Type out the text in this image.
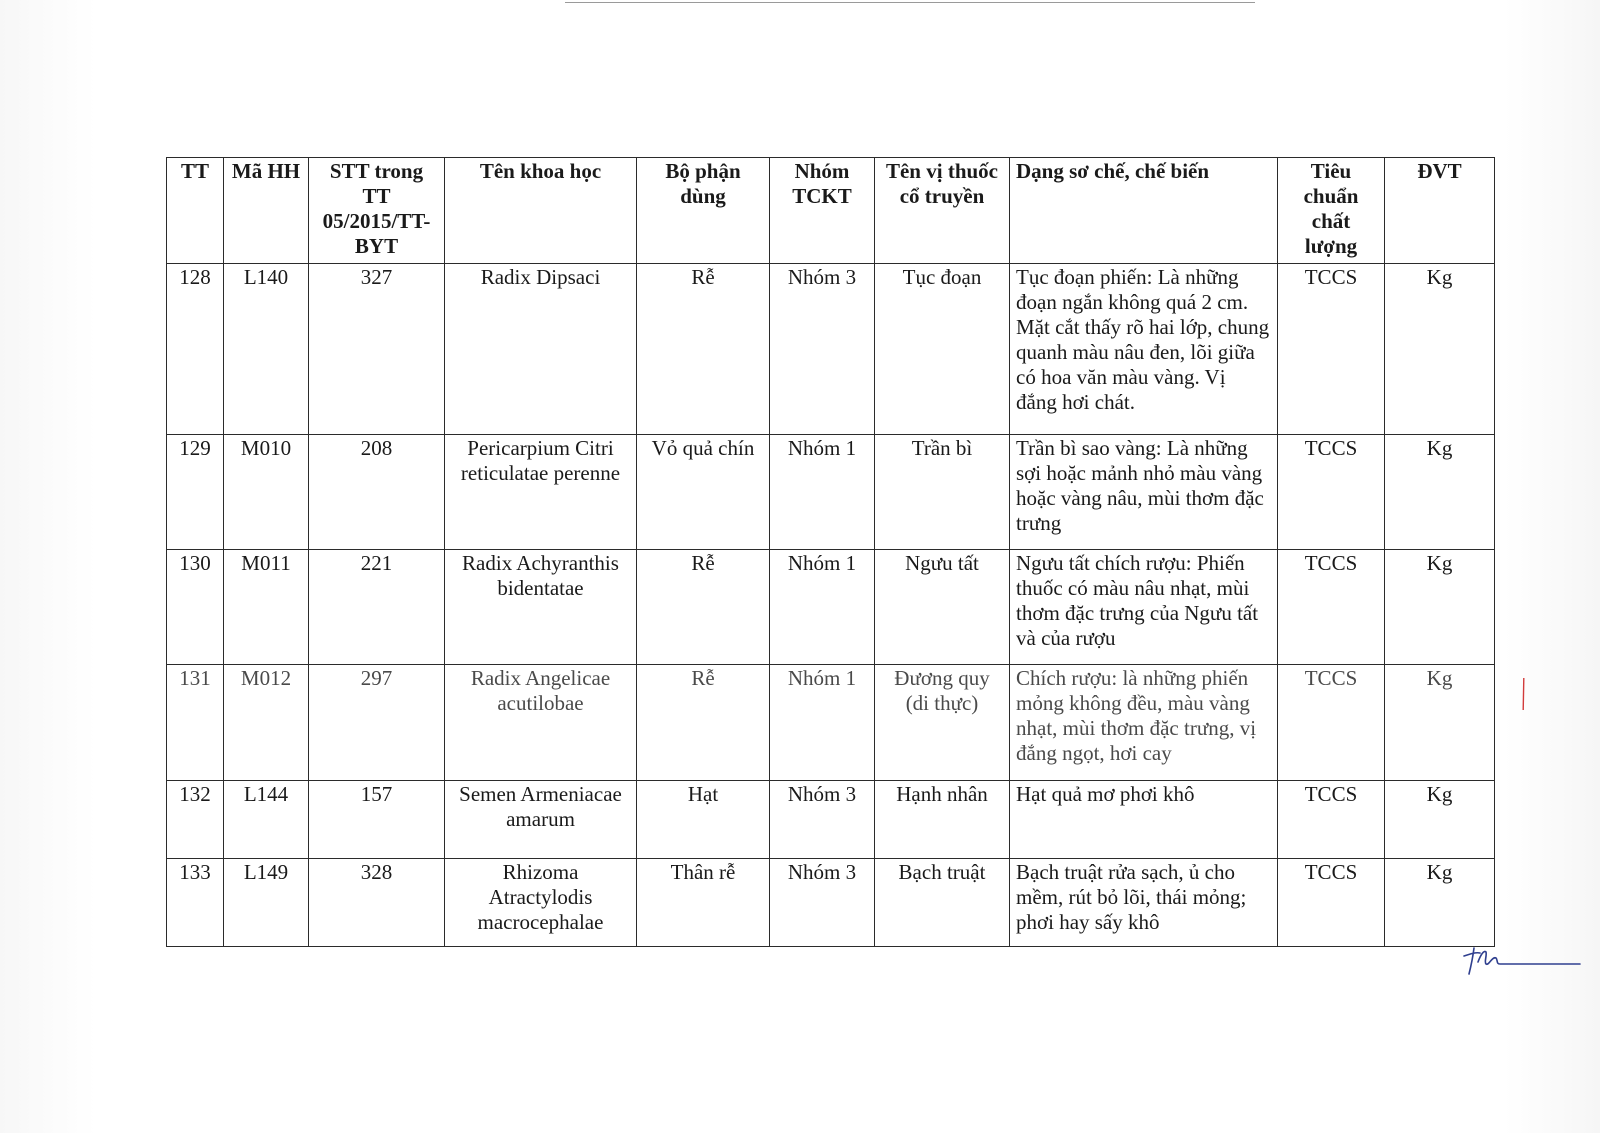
TT	Mã HH	STT trong TT 05/2015/TT-BYT	Tên khoa học	Bộ phận dùng	Nhóm TCKT	Tên vị thuốc cổ truyền	Dạng sơ chế, chế biến	Tiêu chuẩn chất lượng	ĐVT
128	L140	327	Radix Dipsaci	Rễ	Nhóm 3	Tục đoạn	Tục đoạn phiến: Là những đoạn ngắn không quá 2 cm. Mặt cắt thấy rõ hai lớp, chung quanh màu nâu đen, lõi giữa có hoa văn màu vàng. Vị đắng hơi chát.	TCCS	Kg
129	M010	208	Pericarpium Citri reticulatae perenne	Vỏ quả chín	Nhóm 1	Trần bì	Trần bì sao vàng: Là những sợi hoặc mảnh nhỏ màu vàng hoặc vàng nâu, mùi thơm đặc trưng	TCCS	Kg
130	M011	221	Radix Achyranthis bidentatae	Rễ	Nhóm 1	Ngưu tất	Ngưu tất chích rượu: Phiến thuốc có màu nâu nhạt, mùi thơm đặc trưng của Ngưu tất và của rượu	TCCS	Kg
131	M012	297	Radix Angelicae acutilobae	Rễ	Nhóm 1	Đương quy (di thực)	Chích rượu: là những phiến mỏng không đều, màu vàng nhạt, mùi thơm đặc trưng, vị đắng ngọt, hơi cay	TCCS	Kg
132	L144	157	Semen Armeniacae amarum	Hạt	Nhóm 3	Hạnh nhân	Hạt quả mơ phơi khô	TCCS	Kg
133	L149	328	Rhizoma Atractylodis macrocephalae	Thân rễ	Nhóm 3	Bạch truật	Bạch truật rửa sạch, ủ cho mềm, rút bỏ lõi, thái mỏng; phơi hay sấy khô	TCCS	Kg
